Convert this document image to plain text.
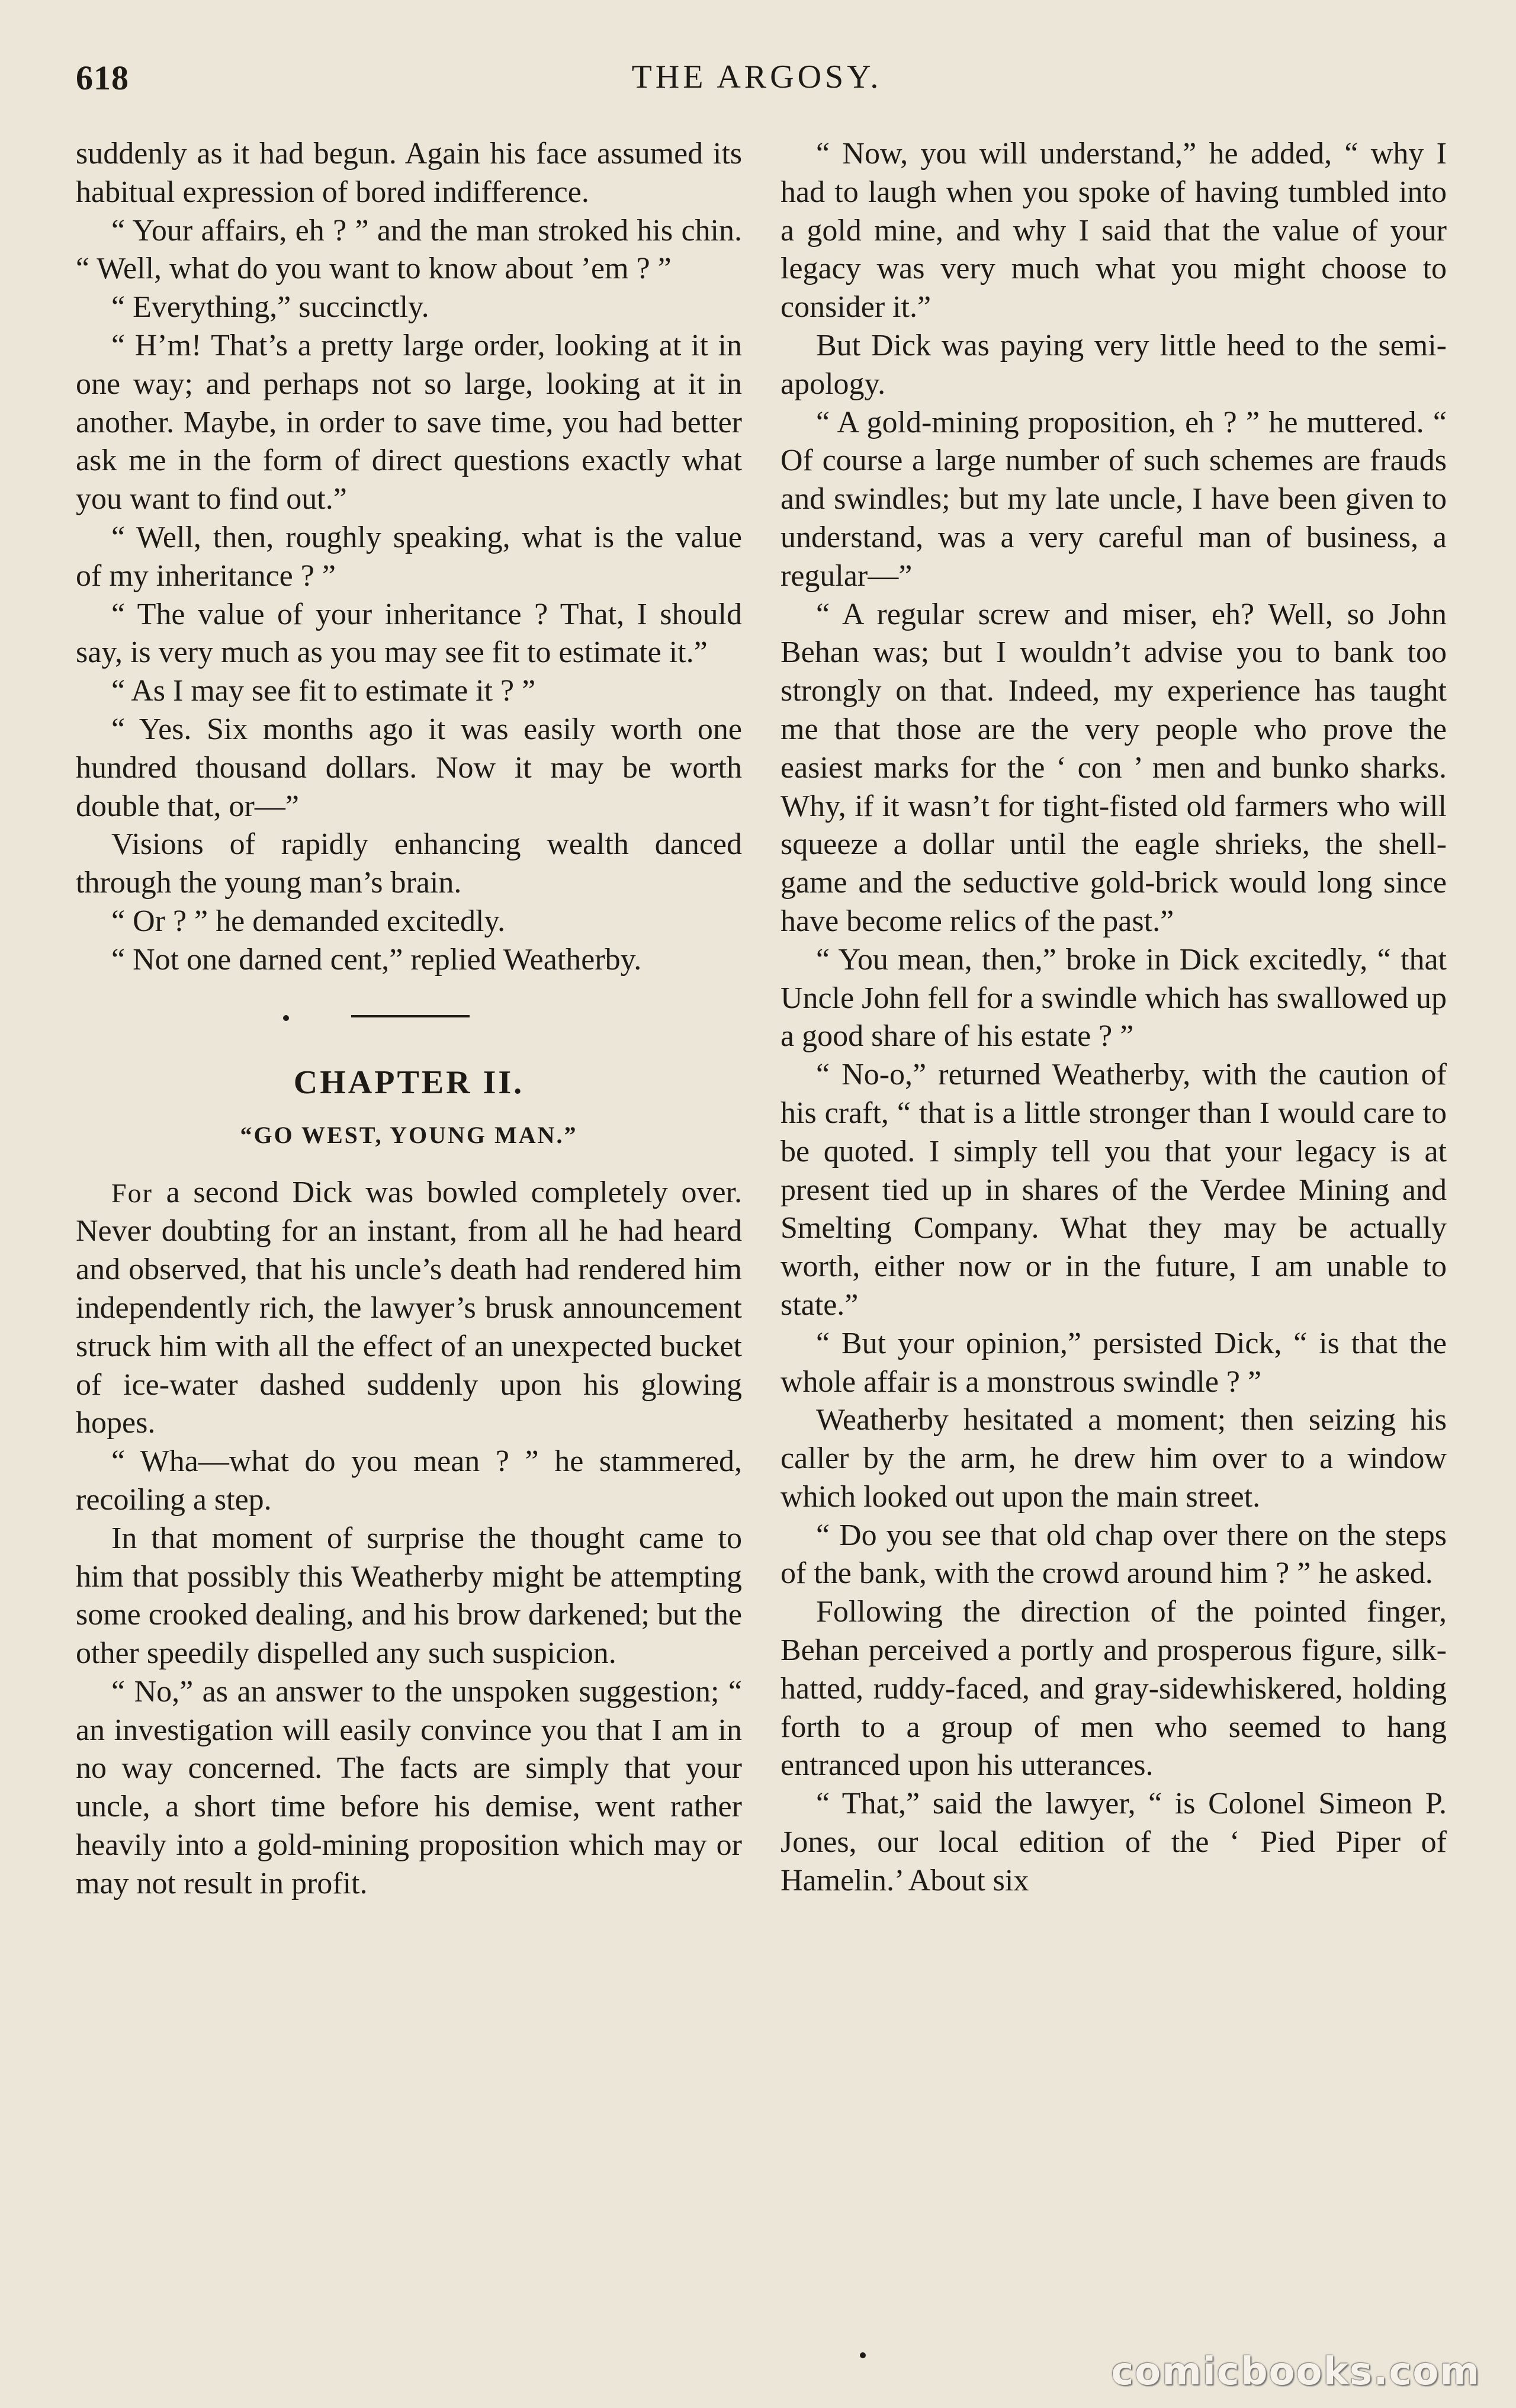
618	THE ARGOSY.

suddenly as it had begun. Again his face assumed its habitual expression of bored indifference.

“ Your affairs, eh ? ” and the man stroked his chin. “ Well, what do you want to know about ’em ? ”

“ Everything,” succinctly.

“ H’m! That’s a pretty large order, looking at it in one way; and perhaps not so large, looking at it in another. Maybe, in order to save time, you had better ask me in the form of direct questions exactly what you want to find out.”

“ Well, then, roughly speaking, what is the value of my inheritance ? ”

“ The value of your inheritance ? That, I should say, is very much as you may see fit to estimate it.”

“ As I may see fit to estimate it ? ”

“ Yes. Six months ago it was easily worth one hundred thousand dollars. Now it may be worth double that, or—”

Visions of rapidly enhancing wealth danced through the young man’s brain.

“ Or ? ” he demanded excitedly.

“ Not one darned cent,” replied Weatherby.

CHAPTER II.
“GO WEST, YOUNG MAN.”

For a second Dick was bowled completely over. Never doubting for an instant, from all he had heard and observed, that his uncle’s death had rendered him independently rich, the lawyer’s brusk announcement struck him with all the effect of an unexpected bucket of ice-water dashed suddenly upon his glowing hopes.

“ Wha—what do you mean ? ” he stammered, recoiling a step.

In that moment of surprise the thought came to him that possibly this Weatherby might be attempting some crooked dealing, and his brow darkened; but the other speedily dispelled any such suspicion.

“ No,” as an answer to the unspoken suggestion; “ an investigation will easily convince you that I am in no way concerned. The facts are simply that your uncle, a short time before his demise, went rather heavily into a gold-mining proposition which may or may not result in profit.

“ Now, you will understand,” he added, “ why I had to laugh when you spoke of having tumbled into a gold mine, and why I said that the value of your legacy was very much what you might choose to consider it.”

But Dick was paying very little heed to the semi-apology.

“ A gold-mining proposition, eh ? ” he muttered. “ Of course a large number of such schemes are frauds and swindles; but my late uncle, I have been given to understand, was a very careful man of business, a regular—”

“ A regular screw and miser, eh? Well, so John Behan was; but I wouldn’t advise you to bank too strongly on that. Indeed, my experience has taught me that those are the very people who prove the easiest marks for the ‘ con ’ men and bunko sharks. Why, if it wasn’t for tight-fisted old farmers who will squeeze a dollar until the eagle shrieks, the shell-game and the seductive gold-brick would long since have become relics of the past.”

“ You mean, then,” broke in Dick excitedly, “ that Uncle John fell for a swindle which has swallowed up a good share of his estate ? ”

“ No-o,” returned Weatherby, with the caution of his craft, “ that is a little stronger than I would care to be quoted. I simply tell you that your legacy is at present tied up in shares of the Verdee Mining and Smelting Company. What they may be actually worth, either now or in the future, I am unable to state.”

“ But your opinion,” persisted Dick, “ is that the whole affair is a monstrous swindle ? ”

Weatherby hesitated a moment; then seizing his caller by the arm, he drew him over to a window which looked out upon the main street.

“ Do you see that old chap over there on the steps of the bank, with the crowd around him ? ” he asked.

Following the direction of the pointed finger, Behan perceived a portly and prosperous figure, silk-hatted, ruddy-faced, and gray-sidewhiskered, holding forth to a group of men who seemed to hang entranced upon his utterances.

“ That,” said the lawyer, “ is Colonel Simeon P. Jones, our local edition of the ‘ Pied Piper of Hamelin.’ About six

comicbooks.com
